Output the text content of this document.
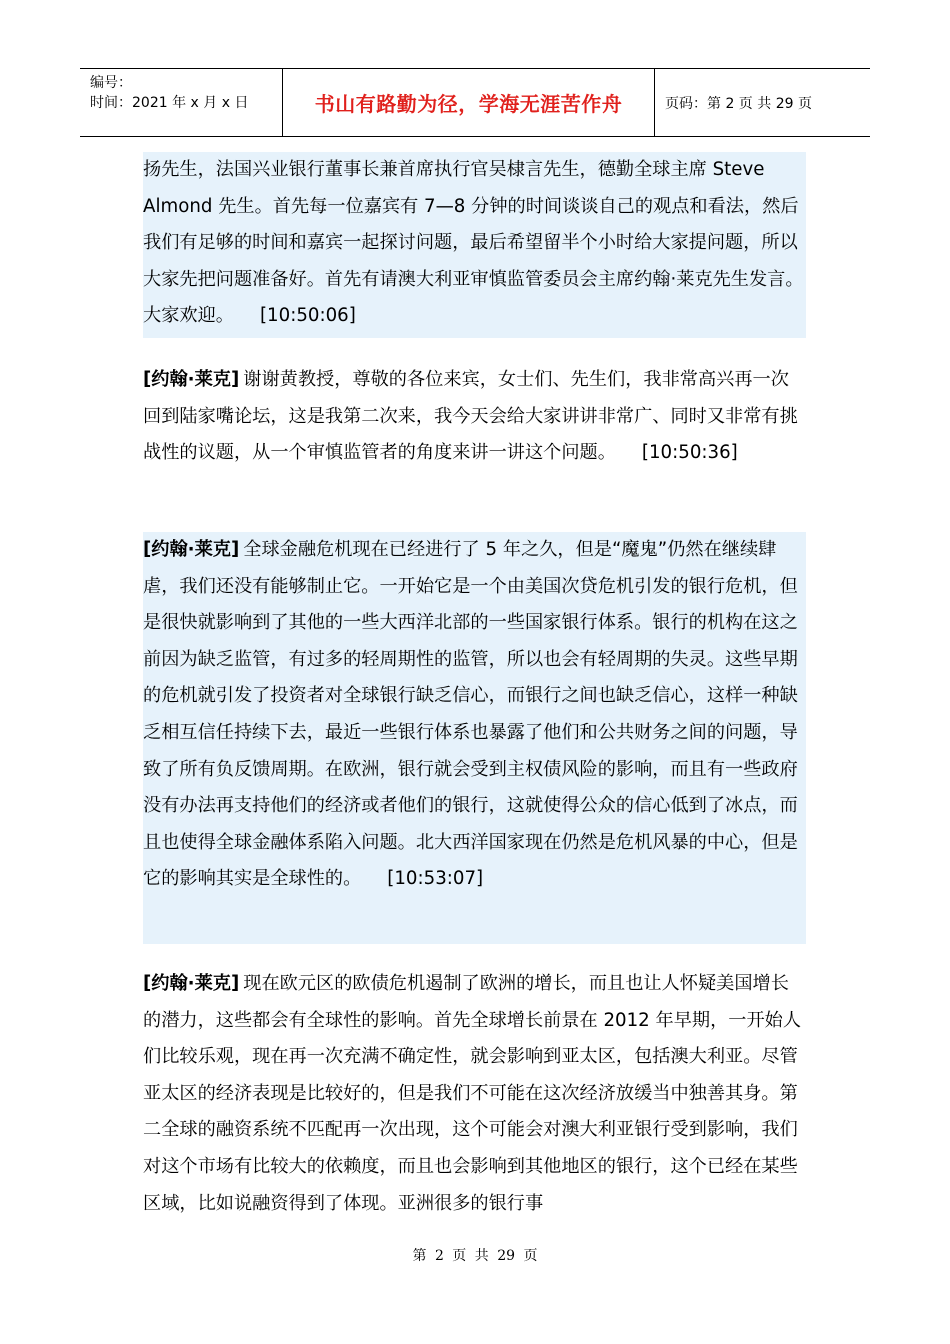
编号：
时间：2021 年 x 月 x 日	书山有路勤为径，学海无涯苦作舟	页码：第 2 页 共 29 页
扬先生，法国兴业银行董事长兼首席执行官吴棣言先生，德勤全球主席 Steve Almond 先生。首先每一位嘉宾有 7—8 分钟的时间谈谈自己的观点和看法，然后我们有足够的时间和嘉宾一起探讨问题，最后希望留半个小时给大家提问题，所以大家先把问题准备好。首先有请澳大利亚审慎监管委员会主席约翰·莱克先生发言。大家欢迎。 [10:50:06]
[约翰·莱克] 谢谢黄教授，尊敬的各位来宾，女士们、先生们，我非常高兴再一次回到陆家嘴论坛，这是我第二次来，我今天会给大家讲讲非常广、同时又非常有挑战性的议题，从一个审慎监管者的角度来讲一讲这个问题。 [10:50:36]
[约翰·莱克] 全球金融危机现在已经进行了 5 年之久，但是“魔鬼”仍然在继续肆虐，我们还没有能够制止它。一开始它是一个由美国次贷危机引发的银行危机，但是很快就影响到了其他的一些大西洋北部的一些国家银行体系。银行的机构在这之前因为缺乏监管，有过多的轻周期性的监管，所以也会有轻周期的失灵。这些早期的危机就引发了投资者对全球银行缺乏信心，而银行之间也缺乏信心，这样一种缺乏相互信任持续下去，最近一些银行体系也暴露了他们和公共财务之间的问题，导致了所有负反馈周期。在欧洲，银行就会受到主权债风险的影响，而且有一些政府没有办法再支持他们的经济或者他们的银行，这就使得公众的信心低到了冰点，而且也使得全球金融体系陷入问题。北大西洋国家现在仍然是危机风暴的中心，但是它的影响其实是全球性的。 [10:53:07]
[约翰·莱克] 现在欧元区的欧债危机遏制了欧洲的增长，而且也让人怀疑美国增长的潜力，这些都会有全球性的影响。首先全球增长前景在 2012 年早期，一开始人们比较乐观，现在再一次充满不确定性，就会影响到亚太区，包括澳大利亚。尽管亚太区的经济表现是比较好的，但是我们不可能在这次经济放缓当中独善其身。第二全球的融资系统不匹配再一次出现，这个可能会对澳大利亚银行受到影响，我们对这个市场有比较大的依赖度，而且也会影响到其他地区的银行，这个已经在某些区域，比如说融资得到了体现。亚洲很多的银行事
第 2 页 共 29 页
